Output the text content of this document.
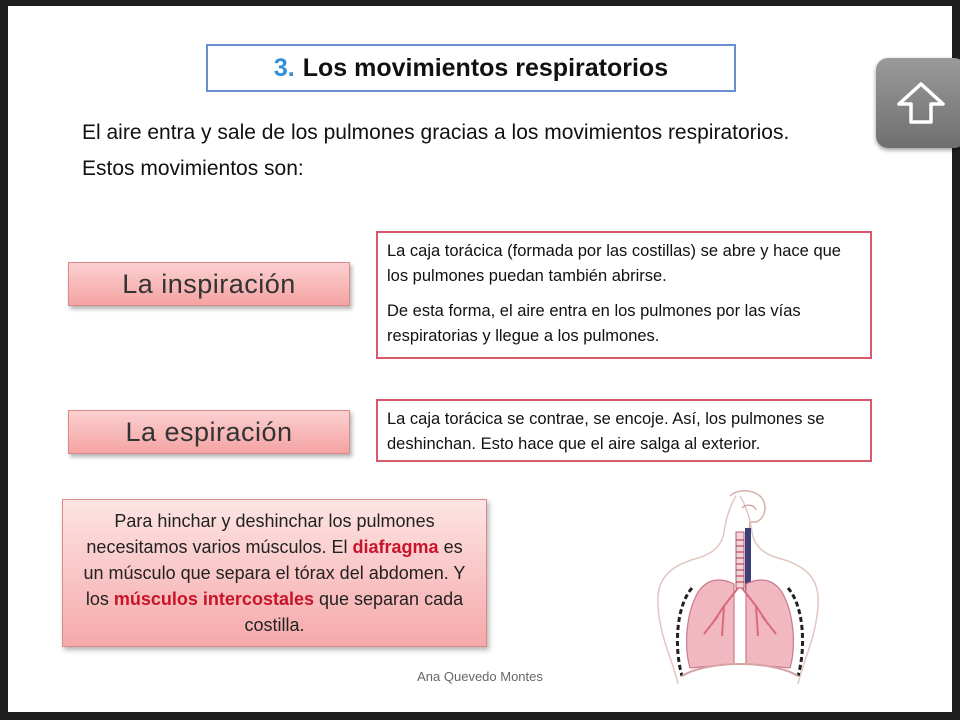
3. Los movimientos respiratorios

El aire entra y sale de los pulmones gracias a los movimientos respiratorios.

Estos movimientos son:

La inspiración

La caja torácica (formada por las costillas) se abre y hace que los pulmones puedan también abrirse.

De esta forma, el aire entra en los pulmones por las vías respiratorias y llegue a los pulmones.

La espiración	La caja torácica se contrae, se encoje. Así, los pulmones se deshinchan. Esto hace que el aire salga al exterior.

Para hinchar y deshinchar los pulmones necesitamos varios músculos. El diafragma es un músculo que separa el tórax del abdomen. Y los músculos intercostales que separan cada costilla.
Ana Quevedo Montes
